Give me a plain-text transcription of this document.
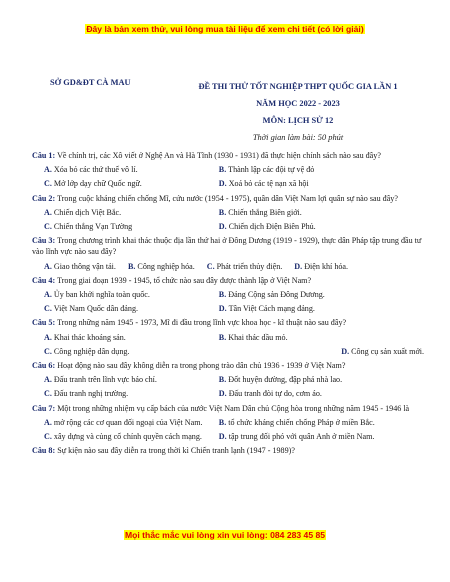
Đây là bản xem thử, vui lòng mua tài liệu để xem chi tiết (có lời giải)
SỞ GD&ĐT CÀ MAU	ĐỀ THI THỬ TỐT NGHIỆP THPT QUỐC GIA LẦN 1
NĂM HỌC 2022 - 2023
MÔN: LỊCH SỬ 12
Thời gian làm bài: 50 phút

Câu 1: Về chính trị, các Xô viết ở Nghệ An và Hà Tĩnh (1930 - 1931) đã thực hiện chính sách nào sau đây?

A. Xóa bỏ các thứ thuế vô lí.	B. Thành lập các đội tự vệ đỏ
C. Mở lớp dạy chữ Quốc ngữ.	D. Xoá bỏ các tệ nạn xã hội

Câu 2: Trong cuộc kháng chiến chống Mĩ, cứu nước (1954 - 1975), quân dân Việt Nam lợi quân sự nào sau đây?

A. Chiến dịch Việt Bắc.	B. Chiến thắng Biên giới.
C. Chiến thắng Vạn Tường	D. Chiến dịch Điện Biên Phủ.

Câu 3: Trong chương trình khai thác thuộc địa lần thứ hai ở Đông Dương (1919 - 1929), thực dân Pháp tập trung đầu tư vào lĩnh vực nào sau đây?

A. Giao thông vận tải. B. Công nghiệp hóa. C. Phát triển thủy điện. D. Điện khí hóa.

Câu 4: Trong giai đoạn 1939 - 1945, tổ chức nào sau đây được thành lập ở Việt Nam?

A. Ủy ban khởi nghĩa toàn quốc.	B. Đảng Cộng sản Đông Dương.
C. Việt Nam Quốc dân đảng.	D. Tân Việt Cách mạng đảng.

Câu 5: Trong những năm 1945 - 1973, Mĩ đi đầu trong lĩnh vực khoa học - kĩ thuật nào sau đây?

A. Khai thác khoáng sản.	B. Khai thác dầu mỏ.
C. Công nghiệp dân dụng.	D. Công cụ sản xuất mới.

Câu 6: Hoạt động nào sau đây không diễn ra trong phong trào dân chủ 1936 - 1939 ở Việt Nam?

A. Đấu tranh trên lĩnh vực báo chí.	B. Đốt huyện đường, đập phá nhà lao.
C. Đấu tranh nghị trường.	D. Đấu tranh đòi tự do, cơm áo.

Câu 7: Một trong những nhiệm vụ cấp bách của nước Việt Nam Dân chủ Cộng hòa trong những năm 1945 - 1946 là

A. mở rộng các cơ quan đối ngoại của Việt Nam.	B. tổ chức kháng chiến chống Pháp ở miền Bắc.
C. xây dựng và củng cố chính quyền cách mạng.	D. tập trung đối phó với quân Anh ở miền Nam.

Câu 8: Sự kiện nào sau đây diễn ra trong thời kì Chiến tranh lạnh (1947 - 1989)?

Mọi thắc mắc vui lòng xin vui lòng: 084 283 45 85
